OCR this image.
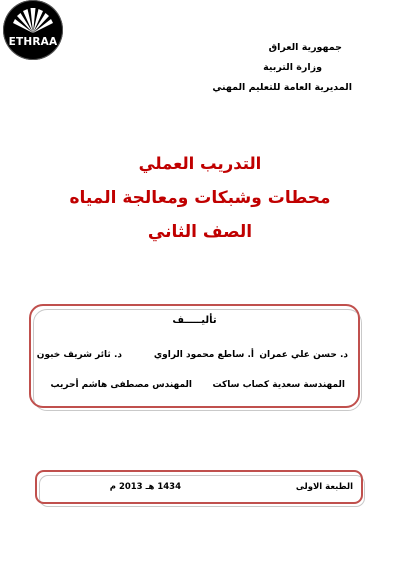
ETHRAA	جمهورية العراق
وزارة التربية
المديرية العامة للتعليم المهني
التدريب العملي
محطات وشبكات ومعالجة المياه
الصف الثاني
تأليـــــف
د. حسن علي عمران
أ. ساطع محمود الراوي
د. ثائر شريف خبون
المهندسة سعدية كصاب ساكت
المهندس مصطفى هاشم أحريب
الطبعة الاولى
1434 هـ 2013 م
